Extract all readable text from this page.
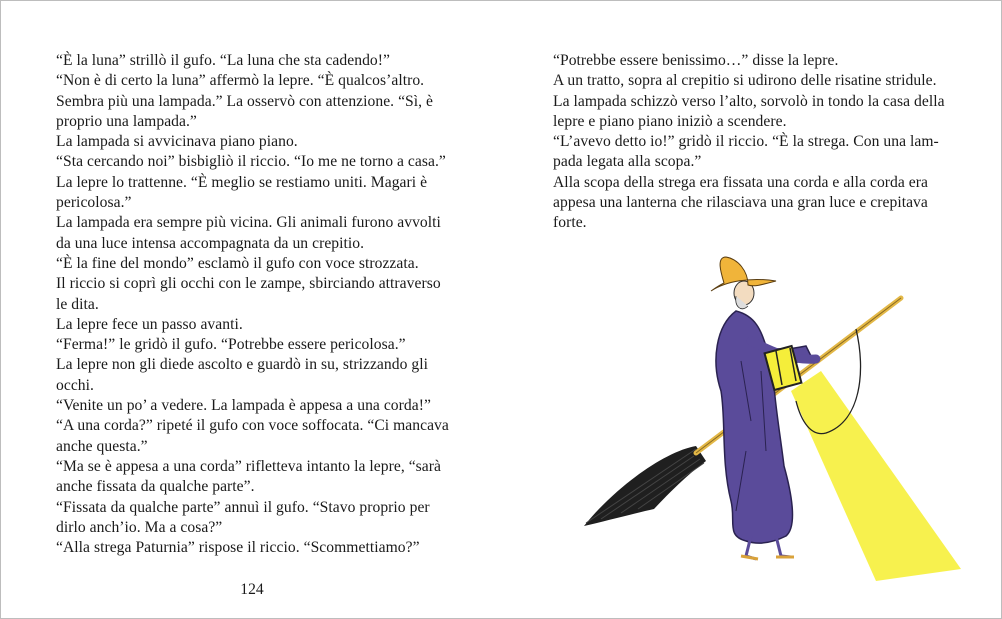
“È la luna” strillò il gufo. “La luna che sta cadendo!”
“Non è di certo la luna” affermò la lepre. “È qualcos’altro.
Sembra più una lampada.” La osservò con attenzione. “Sì, è
proprio una lampada.”
La lampada si avvicinava piano piano.
“Sta cercando noi” bisbigliò il riccio. “Io me ne torno a casa.”
La lepre lo trattenne. “È meglio se restiamo uniti. Magari è
pericolosa.”
La lampada era sempre più vicina. Gli animali furono avvolti
da una luce intensa accompagnata da un crepitio.
“È la fine del mondo” esclamò il gufo con voce strozzata.
Il riccio si coprì gli occhi con le zampe, sbirciando attraverso
le dita.
La lepre fece un passo avanti.
“Ferma!” le gridò il gufo. “Potrebbe essere pericolosa.”
La lepre non gli diede ascolto e guardò in su, strizzando gli
occhi.
“Venite un po’ a vedere. La lampada è appesa a una corda!”
“A una corda?” ripeté il gufo con voce soffocata. “Ci mancava
anche questa.”
“Ma se è appesa a una corda” rifletteva intanto la lepre, “sarà
anche fissata da qualche parte”.
“Fissata da qualche parte” annuì il gufo. “Stavo proprio per
dirlo anch’io. Ma a cosa?”
“Alla strega Paturnia” rispose il riccio. “Scommettiamo?”
124
“Potrebbe essere benissimo…” disse la lepre.
A un tratto, sopra al crepitio si udirono delle risatine stridule.
La lampada schizzò verso l’alto, sorvolò in tondo la casa della
lepre e piano piano iniziò a scendere.
“L’avevo detto io!” gridò il riccio. “È la strega. Con una lam-
pada legata alla scopa.”
Alla scopa della strega era fissata una corda e alla corda era
appesa una lanterna che rilasciava una gran luce e crepitava
forte.
